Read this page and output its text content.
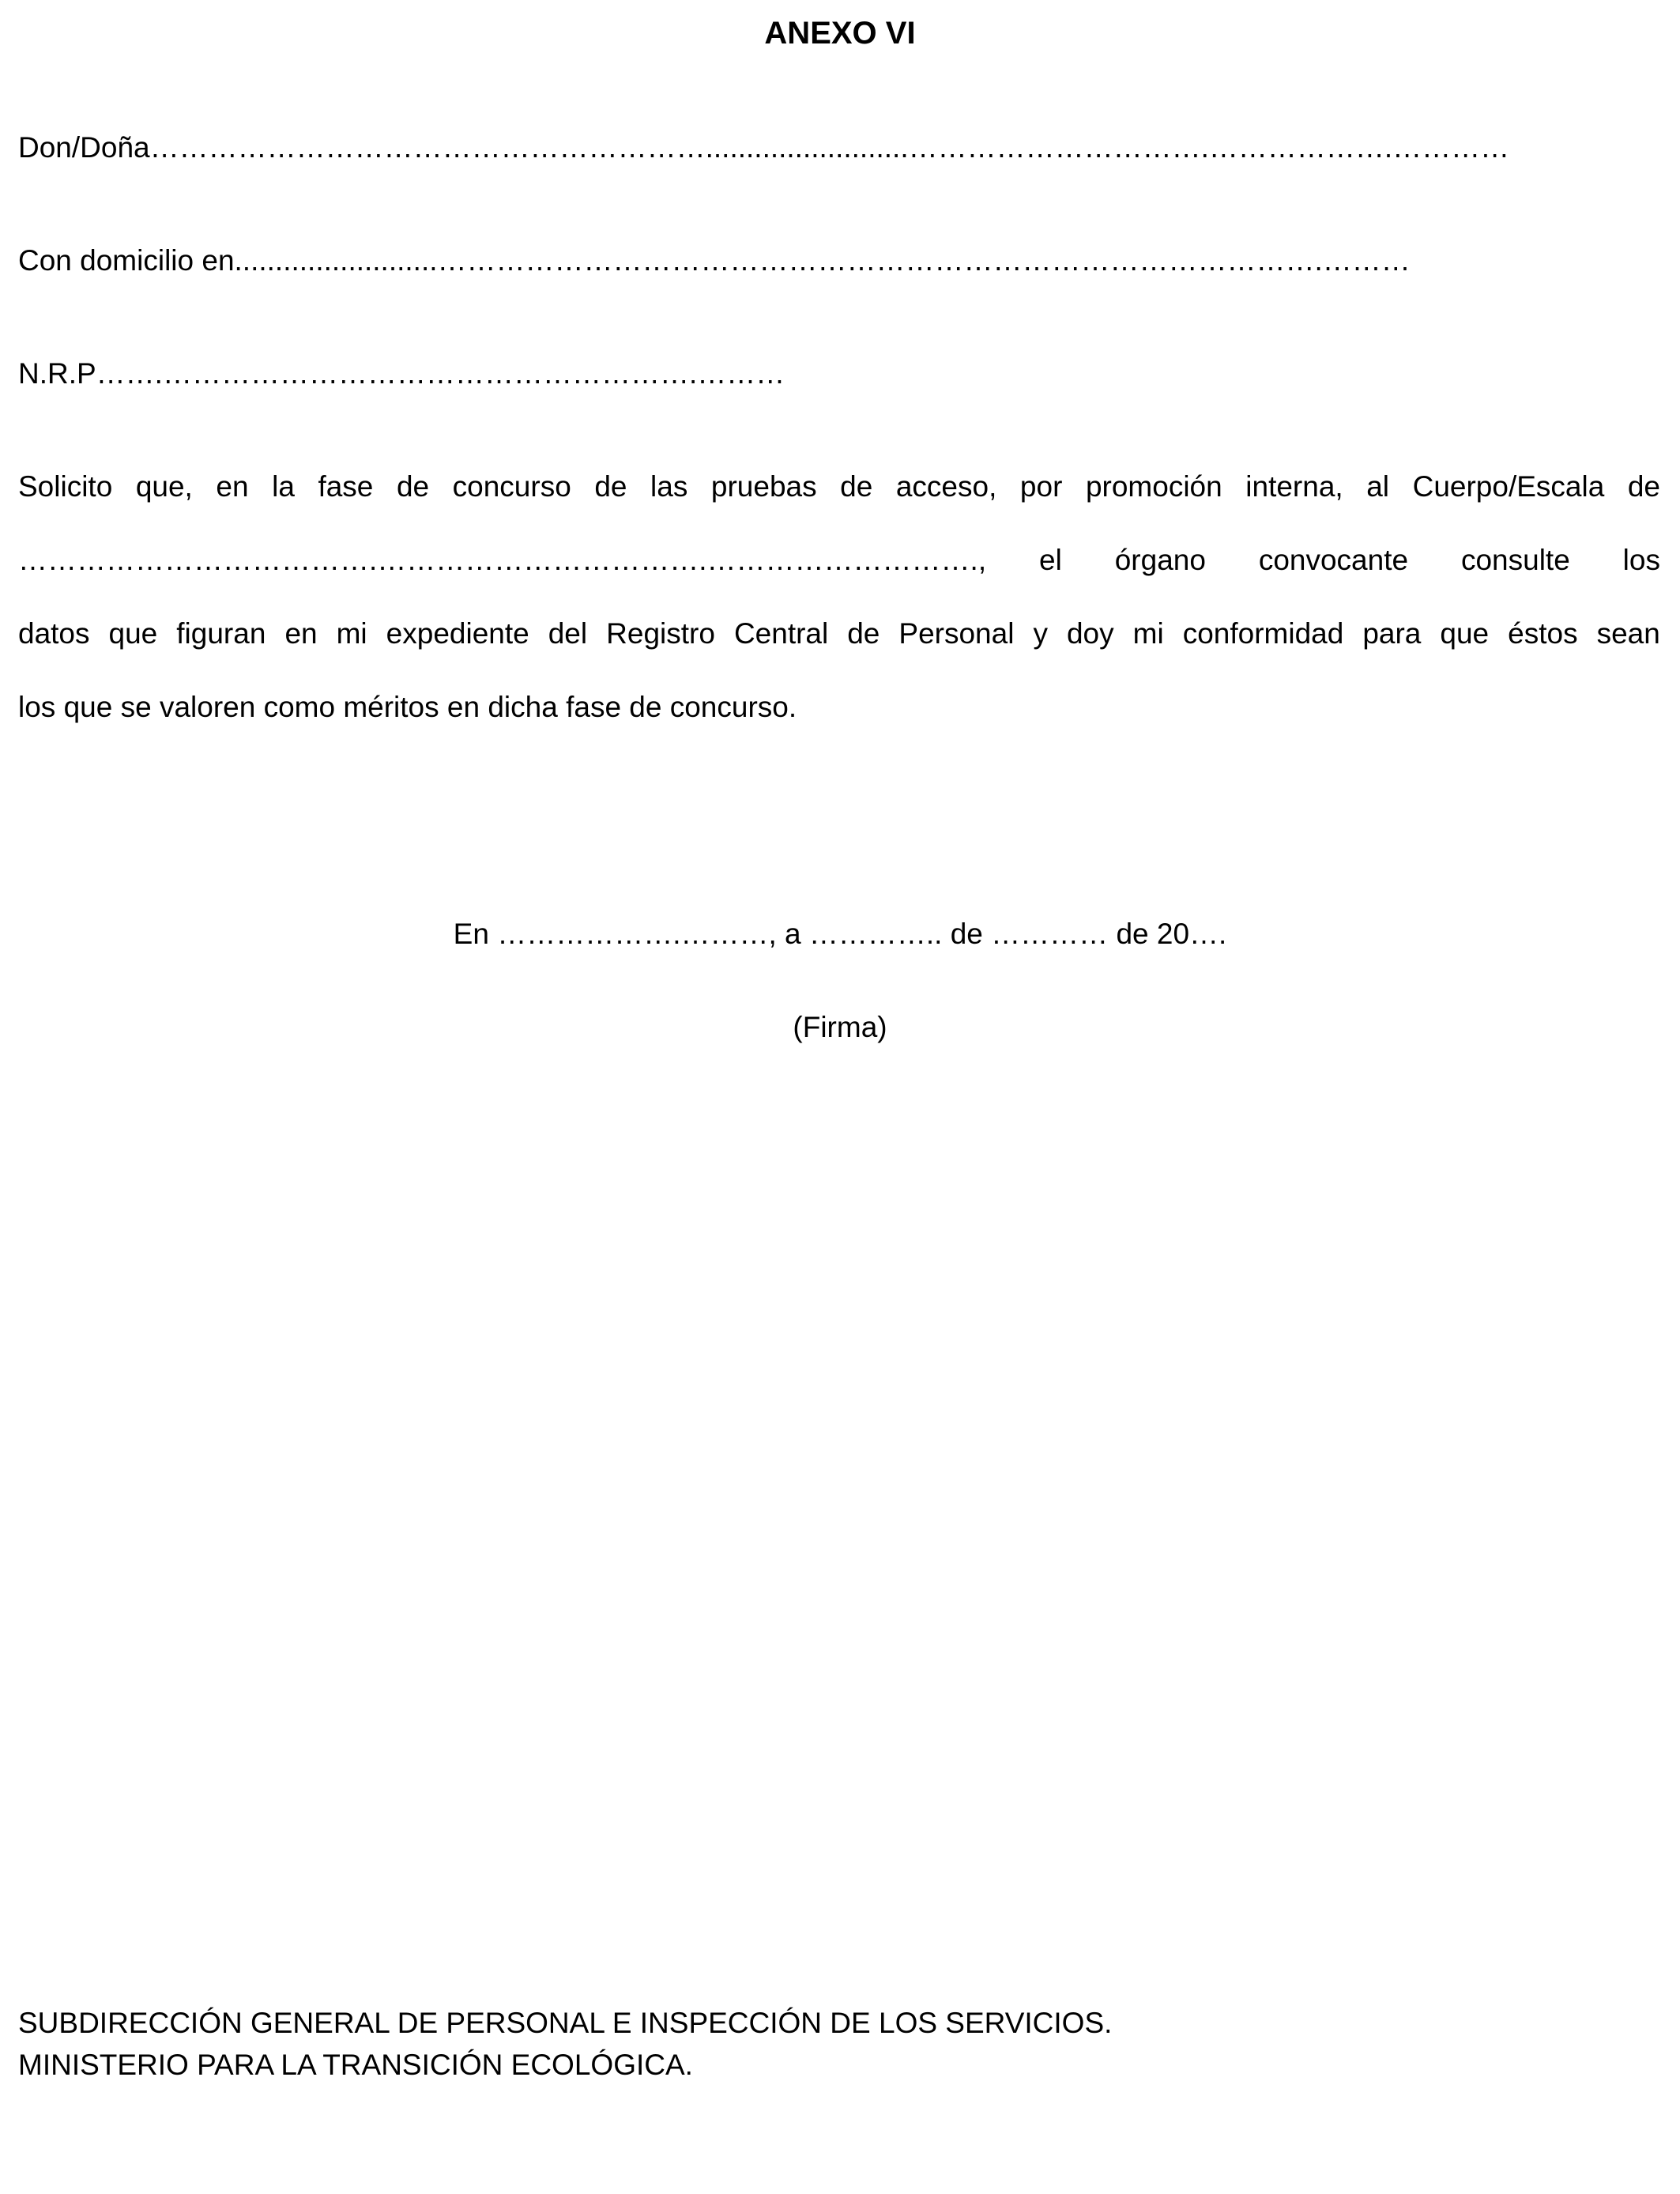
ANEXO VI
Don/Doña………………………………………………….........................………………………….……………….…………
Con domicilio en.........................……………………………………………………………………………….………
N.R.P…….……………………………………………….………
Solicito que, en la fase de concurso de las pruebas de acceso, por promoción interna, al Cuerpo/Escala de
……………………………….…………………………….………………………., el órgano convocante consulte los
datos que figuran en mi expediente del Registro Central de Personal y doy mi conformidad para que éstos sean
los que se valoren como méritos en dicha fase de concurso.
En ……………….………, a ………….. de ………… de 20….
(Firma)
SUBDIRECCIÓN GENERAL DE PERSONAL E INSPECCIÓN DE LOS SERVICIOS.
MINISTERIO PARA LA TRANSICIÓN ECOLÓGICA.
